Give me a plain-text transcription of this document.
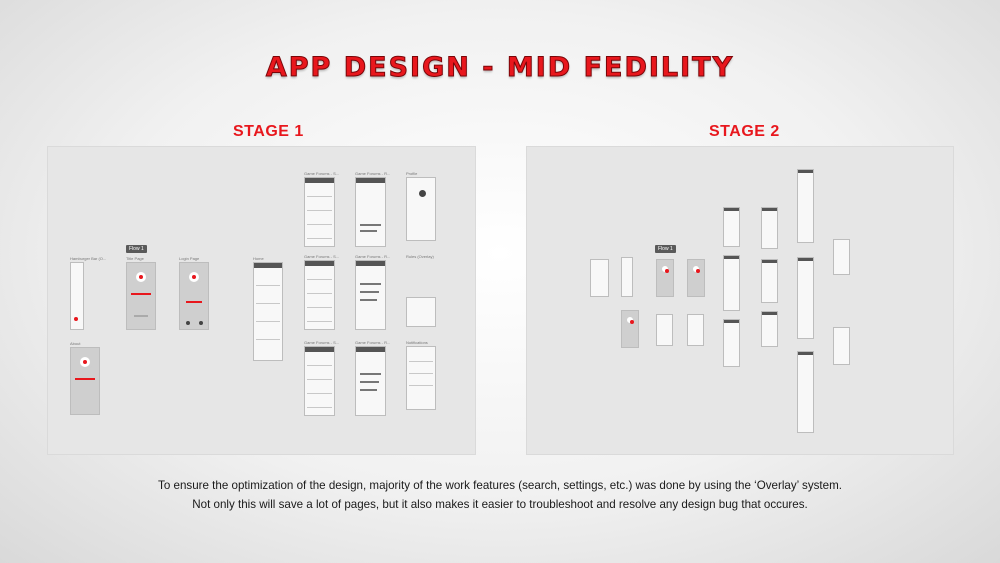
APP DESIGN - MID FEDILITY
STAGE 1	STAGE 2
Flow 1
Hamburger Bar (O...	Title Page	Login Page
About
Home
Game Forums - S...
Game Forums - S...
Game Forums - S...
Game Forums - R...
Game Forums - R...
Game Forums - R...
Profile
Rules (Overlay)
Notifications
Flow 1

To ensure the optimization of the design, majority of the work features (search, settings, etc.) was done by using the ‘Overlay’ system.

Not only this will save a lot of pages, but it also makes it easier to troubleshoot and resolve any design bug that occures.
